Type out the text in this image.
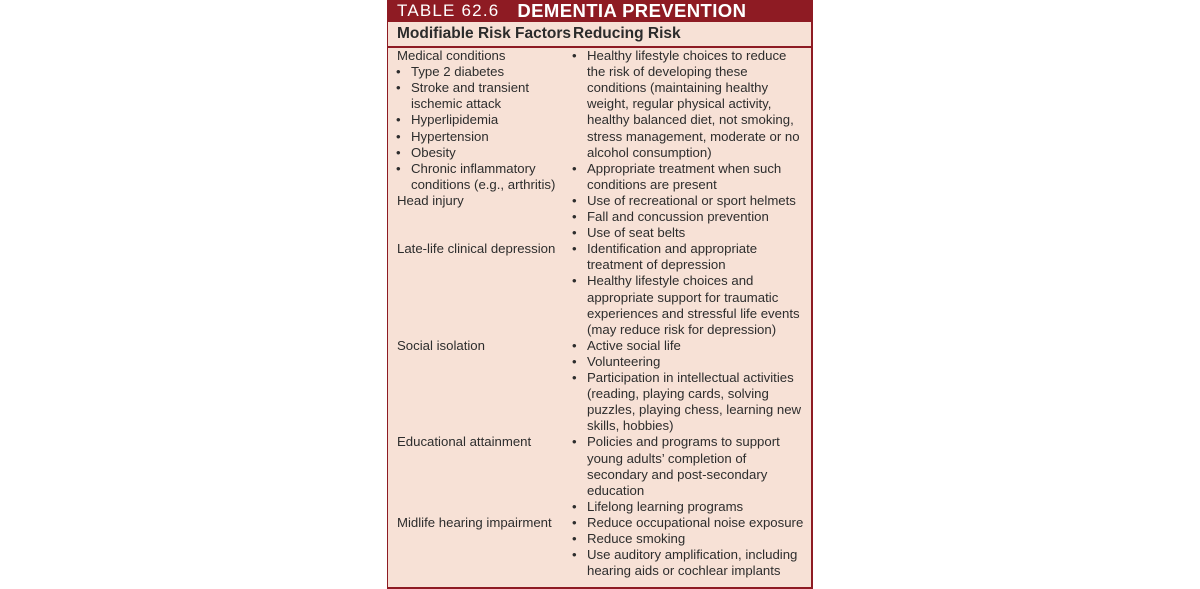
TABLE 62.6 DEMENTIA PREVENTION
Modifiable Risk Factors Reducing Risk
Medical conditions
•
Type 2 diabetes
•
Stroke and transient
ischemic attack
•
Hyperlipidemia
•
Hypertension
•
Obesity
•
Chronic inflammatory
conditions (e.g., arthritis)
Head injury
Late-life clinical depression
Social isolation
Educational attainment
Midlife hearing impairment
•
Healthy lifestyle choices to reduce
the risk of developing these
conditions (maintaining healthy
weight, regular physical activity,
healthy balanced diet, not smoking,
stress management, moderate or no
alcohol consumption)
•
Appropriate treatment when such
conditions are present
•
Use of recreational or sport helmets
•
Fall and concussion prevention
•
Use of seat belts
•
Identification and appropriate
treatment of depression
•
Healthy lifestyle choices and
appropriate support for traumatic
experiences and stressful life events
(may reduce risk for depression)
•
Active social life
•
Volunteering
•
Participation in intellectual activities
(reading, playing cards, solving
puzzles, playing chess, learning new
skills, hobbies)
•
Policies and programs to support
young adults’ completion of
secondary and post-secondary
education
•
Lifelong learning programs
•
Reduce occupational noise exposure
•
Reduce smoking
•
Use auditory amplification, including
hearing aids or cochlear implants
